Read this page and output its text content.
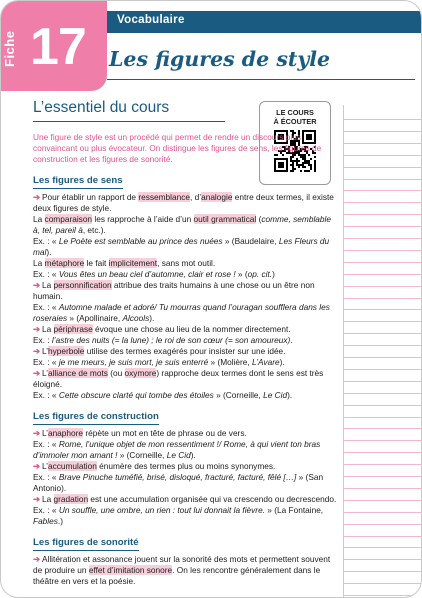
Fiche 17	Vocabulaire
Les figures de style
LE COURS
À ÉCOUTER
L’essentiel du cours
Une figure de style est un procédé qui permet de rendre un discours plus convaincant ou plus évocateur. On distingue les figures de sens, les figures de construction et les figures de sonorité.
Les figures de sens

➔ Pour établir un rapport de ressemblance, d’analogie entre deux termes, il existe deux figures de style.

La comparaison les rapproche à l’aide d’un outil grammatical (comme, semblable à, tel, pareil à, etc.).

Ex. : « Le Poète est semblable au prince des nuées » (Baudelaire, Les Fleurs du mal).

La métaphore le fait implicitement, sans mot outil.

Ex. : « Vous êtes un beau ciel d’automne, clair et rose ! » (op. cit.)

➔ La personnification attribue des traits humains à une chose ou un être non humain.

Ex. : « Automne malade et adoré/ Tu mourras quand l’ouragan soufflera dans les roseraies » (Apollinaire, Alcools).

➔ La périphrase évoque une chose au lieu de la nommer directement.

Ex. : l’astre des nuits (= la lune) ; le roi de son cœur (= son amoureux).

➔ L’hyperbole utilise des termes exagérés pour insister sur une idée.

Ex. : « je me meurs, je suis mort, je suis enterré » (Molière, L’Avare).

➔ L’alliance de mots (ou oxymore) rapproche deux termes dont le sens est très éloigné.

Ex. : « Cette obscure clarté qui tombe des étoiles » (Corneille, Le Cid).

Les figures de construction

➔ L’anaphore répète un mot en tête de phrase ou de vers.

Ex. : « Rome, l’unique objet de mon ressentiment !/ Rome, à qui vient ton bras d’immoler mon amant ! » (Corneille, Le Cid).

➔ L’accumulation énumère des termes plus ou moins synonymes.

Ex. : « Brave Pinuche tuméfié, brisé, disloqué, fracturé, facturé, fêlé […] » (San Antonio).

➔ La gradation est une accumulation organisée qui va crescendo ou decrescendo.

Ex. : « Un souffle, une ombre, un rien : tout lui donnait la fièvre. » (La Fontaine, Fables.)

Les figures de sonorité

➔ Allitération et assonance jouent sur la sonorité des mots et permettent souvent de produire un effet d’imitation sonore. On les rencontre généralement dans le théâtre en vers et la poésie.
